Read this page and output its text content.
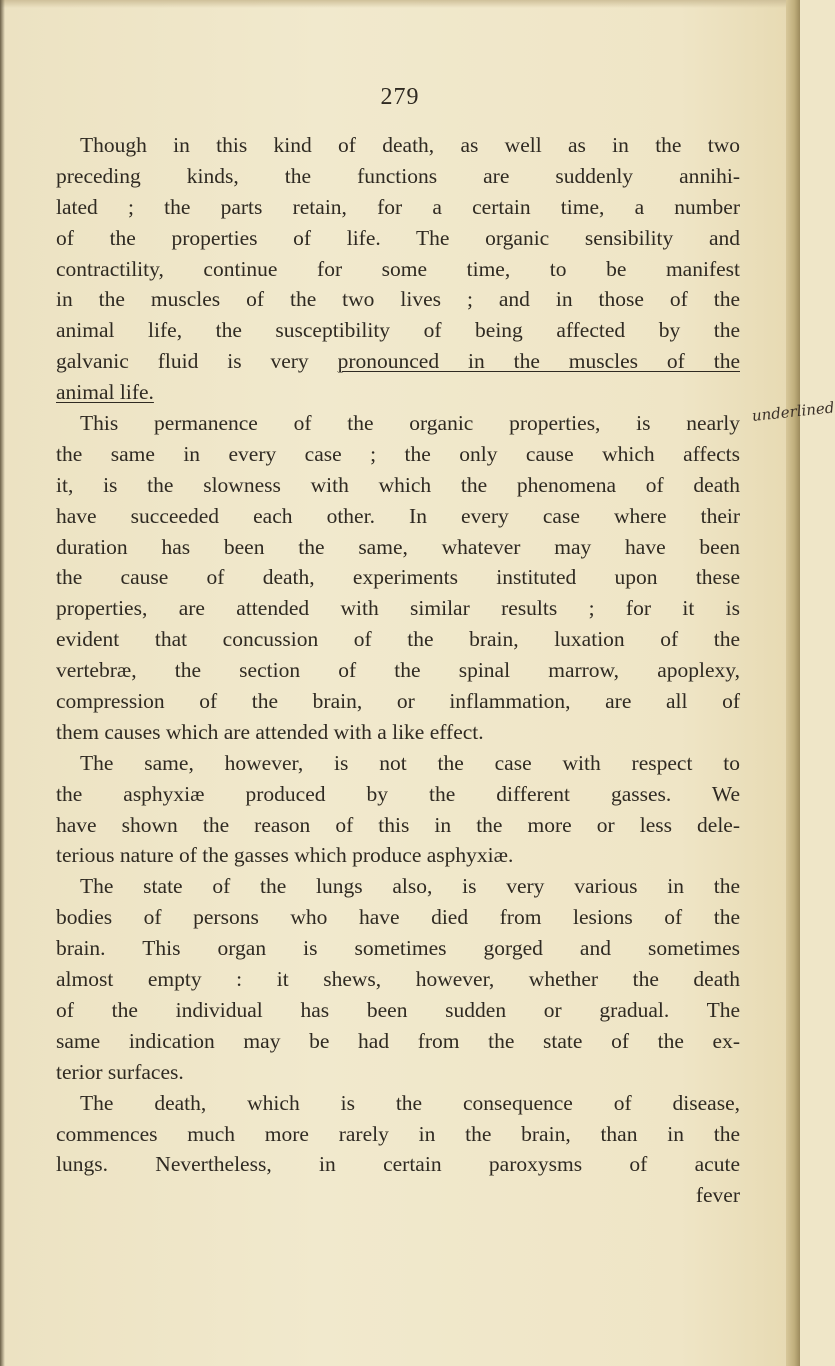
279
Though in this kind of death, as well as in the two
preceding kinds, the functions are suddenly annihi-
lated ; the parts retain, for a certain time, a number
of the properties of life. The organic sensibility and
contractility, continue for some time, to be manifest
in the muscles of the two lives ; and in those of the
animal life, the susceptibility of being affected by the
galvanic fluid is very pronounced in the muscles of the
animal life.
This permanence of the organic properties, is nearly
the same in every case ; the only cause which affects
it, is the slowness with which the phenomena of death
have succeeded each other. In every case where their
duration has been the same, whatever may have been
the cause of death, experiments instituted upon these
properties, are attended with similar results ; for it is
evident that concussion of the brain, luxation of the
vertebræ, the section of the spinal marrow, apoplexy,
compression of the brain, or inflammation, are all of
them causes which are attended with a like effect.
The same, however, is not the case with respect to
the asphyxiæ produced by the different gasses. We
have shown the reason of this in the more or less dele-
terious nature of the gasses which produce asphyxiæ.
The state of the lungs also, is very various in the
bodies of persons who have died from lesions of the
brain. This organ is sometimes gorged and sometimes
almost empty : it shews, however, whether the death
of the individual has been sudden or gradual. The
same indication may be had from the state of the ex-
terior surfaces.
The death, which is the consequence of disease,
commences much more rarely in the brain, than in the
lungs. Nevertheless, in certain paroxysms of acute
fever
underlined
